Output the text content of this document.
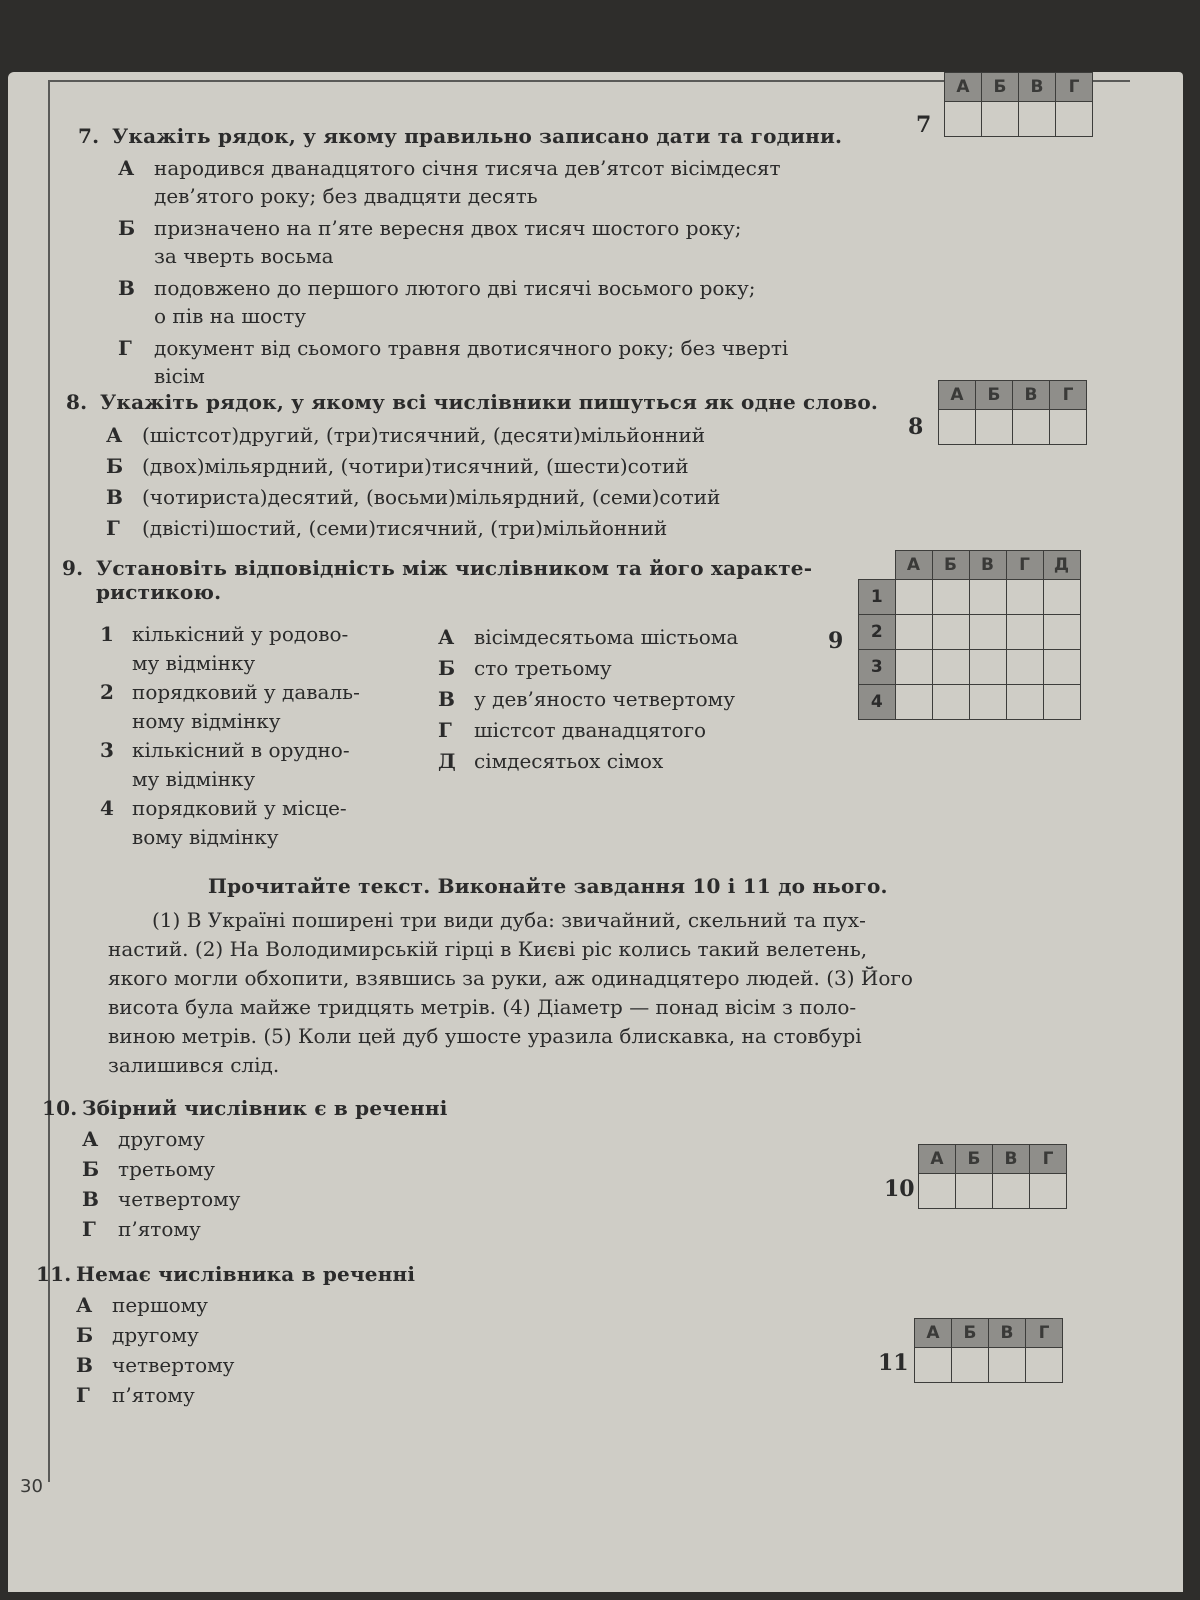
7. Укажіть рядок, у якому правильно записано дати та години.
А народився дванадцятого січня тисяча дев’ятсот вісімдесят
дев’ятого року; без двадцяти десять
Б призначено на п’яте вересня двох тисяч шостого року;
за чверть восьма
В подовжено до першого лютого дві тисячі восьмого року;
о пів на шосту
Г документ від сьомого травня двотисячного року; без чверті
вісім
7
А	Б	В	Г

8. Укажіть рядок, у якому всі числівники пишуться як одне слово.
А (шістсот)другий, (три)тисячний, (десяти)мільйонний
Б (двох)мільярдний, (чотири)тисячний, (шести)сотий
В (чотириста)десятий, (восьми)мільярдний, (семи)сотий
Г (двісті)шостий, (семи)тисячний, (три)мільйонний
8
А	Б	В	Г

9. Установіть відповідність між числівником та його характе-
ристикою.
1 кількісний у родово-
му відмінку
2 порядковий у даваль-
ному відмінку
3 кількісний в орудно-
му відмінку
4 порядковий у місце-
вому відмінку
А вісімдесятьома шістьома
Б сто третьому
В у дев’яносто четвертому
Г шістсот дванадцятого
Д сімдесятьох сімох
9
	А	Б	В	Г	Д
1					
2					
3					
4					
Прочитайте текст. Виконайте завдання 10 і 11 до нього.
(1) В Україні поширені три види дуба: звичайний, скельний та пух-
настий. (2) На Володимирській гірці в Києві ріс колись такий велетень,
якого могли обхопити, взявшись за руки, аж одинадцятеро людей. (3) Його
висота була майже тридцять метрів. (4) Діаметр — понад вісім з поло-
виною метрів. (5) Коли цей дуб ушосте уразила блискавка, на стовбурі
залишився слід.
10. Збірний числівник є в реченні
А другому
Б третьому
В четвертому
Г п’ятому
10
А	Б	В	Г

11. Немає числівника в реченні
А першому
Б другому
В четвертому
Г п’ятому
11
А	Б	В	Г

30
